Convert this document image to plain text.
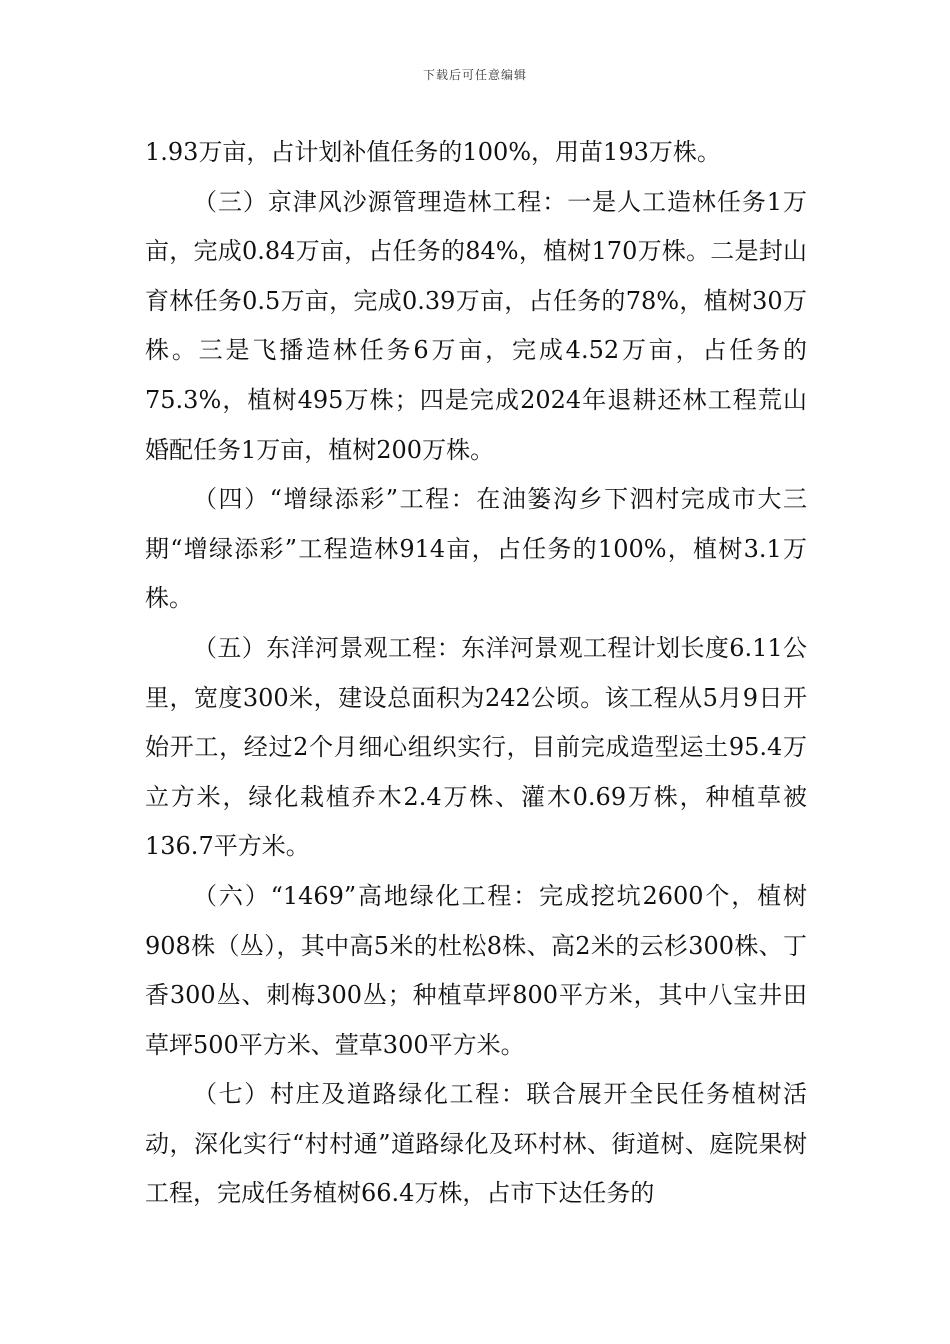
下载后可任意编辑

1.93万亩，占计划补值任务的100%，用苗193万株。

（三）京津风沙源管理造林工程：一是人工造林任务1万亩，完成0.84万亩，占任务的84%，植树170万株。二是封山育林任务0.5万亩，完成0.39万亩，占任务的78%，植树30万株。三是飞播造林任务6万亩，完成4.52万亩，占任务的75.3%，植树495万株；四是完成2024年退耕还林工程荒山婚配任务1万亩，植树200万株。

（四）“增绿添彩”工程：在油篓沟乡下泗村完成市大三期“增绿添彩”工程造林914亩，占任务的100%，植树3.1万株。

（五）东洋河景观工程：东洋河景观工程计划长度6.11公里，宽度300米，建设总面积为242公顷。该工程从5月9日开始开工，经过2个月细心组织实行，目前完成造型运土95.4万立方米，绿化栽植乔木2.4万株、灌木0.69万株，种植草被136.7平方米。

（六）“1469”高地绿化工程：完成挖坑2600个，植树908株（丛），其中高5米的杜松8株、高2米的云杉300株、丁香300丛、刺梅300丛；种植草坪800平方米，其中八宝井田草坪500平方米、萱草300平方米。

（七）村庄及道路绿化工程：联合展开全民任务植树活动，深化实行“村村通”道路绿化及环村林、街道树、庭院果树工程，完成任务植树66.4万株，占市下达任务的
